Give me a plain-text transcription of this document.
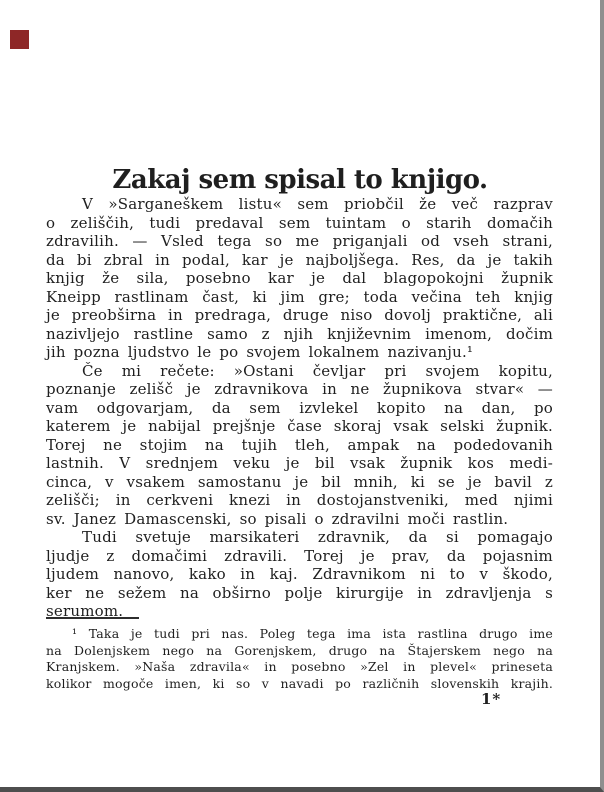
Zakaj sem spisal to knjigo.
V »Sarganeškem listu« sem priobčil že več razprav
o zeliščih, tudi predaval sem tuintam o starih domačih
zdravilih. — Vsled tega so me priganjali od vseh strani,
da bi zbral in podal, kar je najboljšega. Res, da je takih
knjig že sila, posebno kar je dal blagopokojni župnik
Kneipp rastlinam čast, ki jim gre; toda večina teh knjig
je preobširna in predraga, druge niso dovolj praktične, ali
nazivljejo rastline samo z njih književnim imenom, dočim
jih pozna ljudstvo le po svojem lokalnem nazivanju.¹
Če mi rečete: »Ostani čevljar pri svojem kopitu,
poznanje zelišč je zdravnikova in ne župnikova stvar« —
vam odgovarjam, da sem izvlekel kopito na dan, po
katerem je nabijal prejšnje čase skoraj vsak selski župnik.
Torej ne stojim na tujih tleh, ampak na podedovanih
lastnih. V srednjem veku je bil vsak župnik kos medi-
cinca, v vsakem samostanu je bil mnih, ki se je bavil z
zelišči; in cerkveni knezi in dostojanstveniki, med njimi
sv. Janez Damascenski, so pisali o zdravilni moči rastlin.
Tudi svetuje marsikateri zdravnik, da si pomagajo
ljudje z domačimi zdravili. Torej je prav, da pojasnim
ljudem nanovo, kako in kaj. Zdravnikom ni to v škodo,
ker ne sežem na obširno polje kirurgije in zdravljenja s
serumom.
¹ Taka je tudi pri nas. Poleg tega ima ista rastlina drugo ime
na Dolenjskem nego na Gorenjskem, drugo na Štajerskem nego na
Kranjskem. »Naša zdravila« in posebno »Zel in plevel« prineseta
kolikor mogoče imen, ki so v navadi po različnih slovenskih krajih.
1*
